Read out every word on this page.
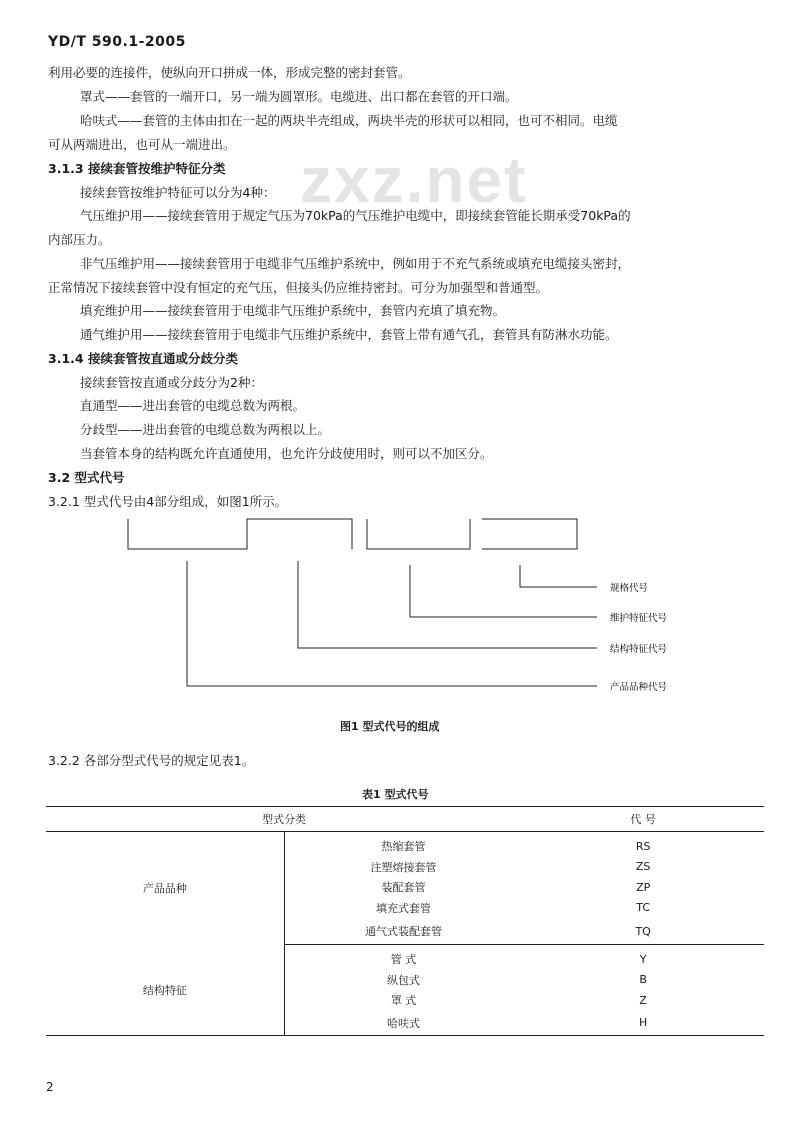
YD/T 590.1-2005
zxz.net
利用必要的连接件，使纵向开口拼成一体，形成完整的密封套管。
罩式——套管的一端开口，另一端为圆罩形。电缆进、出口都在套管的开口端。
哈呋式——套管的主体由扣在一起的两块半壳组成，两块半壳的形状可以相同，也可不相同。电缆
可从两端进出，也可从一端进出。
3.1.3 接续套管按维护特征分类
接续套管按维护特征可以分为4种：
气压维护用——接续套管用于规定气压为70kPa的气压维护电缆中，即接续套管能长期承受70kPa的
内部压力。
非气压维护用——接续套管用于电缆非气压维护系统中，例如用于不充气系统或填充电缆接头密封，
正常情况下接续套管中没有恒定的充气压，但接头仍应维持密封。可分为加强型和普通型。
填充维护用——接续套管用于电缆非气压维护系统中，套管内充填了填充物。
通气维护用——接续套管用于电缆非气压维护系统中，套管上带有通气孔，套管具有防淋水功能。
3.1.4 接续套管按直通或分歧分类
接续套管按直通或分歧分为2种：
直通型——进出套管的电缆总数为两根。
分歧型——进出套管的电缆总数为两根以上。
当套管本身的结构既允许直通使用，也允许分歧使用时，则可以不加区分。
3.2 型式代号
3.2.1 型式代号由4部分组成，如图1所示。
规格代号
维护特征代号
结构特征代号
产品品种代号
图1 型式代号的组成
3.2.2 各部分型式代号的规定见表1。
表1 型式代号
型式分类		代 号
产品品种	热缩套管	RS
	注塑熔接套管	ZS
	装配套管	ZP
	填充式套管	TC
	通气式装配套管	TQ
结构特征	管 式	Y
	纵包式	B
	罩 式	Z
	哈呋式	H
2
